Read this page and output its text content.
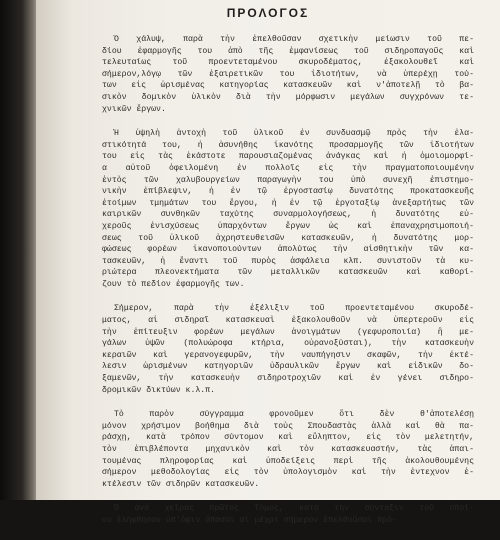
ΠΡΟΛΟΓΟΣ
Ὁ χάλυψ, παρὰ τὴν ἐπελθοῦσαν σχετικὴν μείωσιν τοῦ πε-
δίου ἐφαρμογῆς του ἀπὸ τῆς ἐμφανίσεως τοῦ σιδηροπαγοῦς καὶ
τελευταίως τοῦ προεντεταμένου σκυροδέματος, ἐξακολουθεῖ καὶ
σήμερον,λόγῳ τῶν ἐξαιρετικῶν του ἰδιοτήτων, νὰ ὑπερέχῃ τού-
των εἰς ὡρισμένας κατηγορίας κατασκευῶν καὶ ν'ἀποτελῇ τὸ βα-
σικὸν δομικὸν ὑλικὸν διὰ τὴν μόρφωσιν μεγάλων συγχρόνων τε-
χνικῶν ἔργων.
Ἡ ὑψηλὴ ἀντοχὴ τοῦ ὑλικοῦ ἐν συνδυασμῷ πρὸς τὴν ἐλα-
στικότητά του, ἡ ἀσυνήθης ἱκανότης προσαρμογῆς τῶν ἰδιοτήτων
του εἰς τὰς ἑκάστοτε παρουσιαζομένας ἀνάγκας καὶ ἡ ὁμοιομορφί-
α αὐτοῦ ὀφειλομένη ἐν πολλοῖς εἰς τὴν πραγματοποιουμένην
ἐντὸς τῶν χαλυβουργείων παραγωγὴν του ὑπὸ συνεχῆ ἐπιστημο-
νικὴν ἐπίβλεψιν, ἡ ἐν τῷ ἐργοστασίῳ δυνατότης προκατασκευῆς
ἑτοίμων τμημάτων του ἔργου, ἡ ἐν τῷ ἐργοταξίῳ ἀνεξαρτήτως τῶν
καιρικῶν συνθηκῶν ταχύτης συναρμολογήσεως, ἡ δυνατότης εὐ-
χεροῦς ἐνισχύσεως ὑπαρχόντων ἔργων ὡς καὶ ἐπαναχρησιμοποιή-
σεως τοῦ ὑλικοῦ ἀχρηστευθεισῶν κατασκευῶν, ἡ δυνατότης μορ-
φώσεως φορέων ἱκανοποιούντων ἀπολύτως τὴν αἰσθητικὴν τῶν κα-
τασκευῶν, ἡ ἔναντι τοῦ πυρὸς ἀσφάλεια κλπ. συνιστοῦν τὰ κυ-
ριώτερα πλεονεκτήματα τῶν μεταλλικῶν κατασκευῶν καὶ καθορί-
ζουν τὸ πεδίον ἐφαρμογῆς των.
Σήμερον, παρὰ τὴν ἐξέλιξιν τοῦ προεντεταμένου σκυροδέ-
ματος, αἱ σιδηραῖ κατασκευαὶ ἐξακολουθοῦν νὰ ὑπερτεροῦν εἰς
τὴν ἐπίτευξιν φορέων μεγάλων ἀνοιγμάτων (γεφυροποιία) ἢ με-
γάλων ὑψῶν (πολυώροφα κτήρια, οὐρανοξύσται), τὴν κατασκευὴν
κεραιῶν καὶ γερανογεφυρῶν, τὴν ναυπήγησιν σκαφῶν, τὴν ἐκτέ-
λεσιν ὡρισμένων κατηγοριῶν ὑδραυλικῶν ἔργων καὶ εἰδικῶν δο-
ξαμενῶν, τὴν κατασκευὴν σιδηροτροχιῶν καὶ ἐν γένει σιδηρο-
δρομικῶν δικτύων κ.λ.π.
Τὸ παρὸν σύγγραμμα φρονοῦμεν ὅτι δὲν θ'ἀποτελέσῃ
μόνον χρήσιμον βοήθημα διὰ τοὺς Σπουδαστὰς ἀλλὰ καὶ θὰ πα-
ράσχῃ, κατὰ τρόπον σύντομον καὶ εὔληπτον, εἰς τὸν μελετητήν,
τὸν ἐπιβλέποντα μηχανικὸν καὶ τὸν κατασκευαστήν, τὰς ἀπαι-
τουμένας πληροφορίας καὶ ὑποδείξεις περὶ τῆς ἀκολουθουμένης
σήμερον μεθοδολογίας εἰς τὸν ὑπολογισμὸν καὶ τὴν ἐντεχνον ἐ-
κτέλεσιν τῶν σιδηρῶν κατασκευῶν.
Ὁ ἀνὰ χεῖρας πρῶτος Τόμος, κατὰ τὴν σύνταξιν τοῦ ὁποί-
ου ἐλήφθησαν ὑπ'ὄψιν ἅπασαι αἱ μέχρι σήμερον ἐπελθοῦσαι πρό-
